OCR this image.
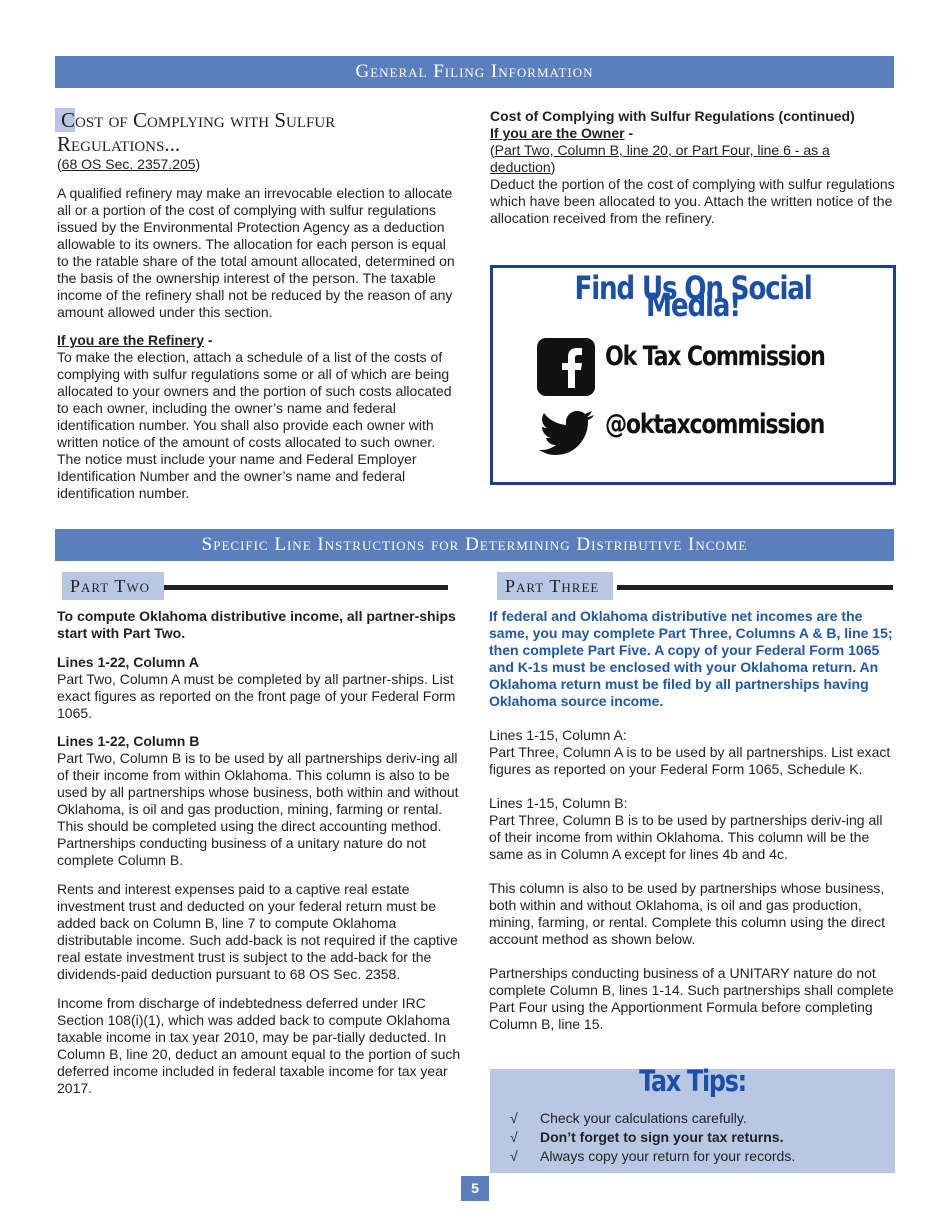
General Filing Information
Cost of Complying with Sulfur
Regulations...

(68 OS Sec. 2357.205)

A qualified refinery may make an irrevocable election to allocate all or a portion of the cost of complying with sulfur regulations issued by the Environmental Protection Agency as a deduction allowable to its owners. The allocation for each person is equal to the ratable share of the total amount allocated, determined on the basis of the ownership interest of the person. The taxable income of the refinery shall not be reduced by the reason of any amount allowed under this section.

If you are the Refinery -

To make the election, attach a schedule of a list of the costs of complying with sulfur regulations some or all of which are being allocated to your owners and the portion of such costs allocated to each owner, including the owner’s name and federal identification number. You shall also provide each owner with written notice of the amount of costs allocated to such owner. The notice must include your name and Federal Employer Identification Number and the owner’s name and federal identification number.

Cost of Complying with Sulfur Regulations (continued)

If you are the Owner -

(Part Two, Column B, line 20, or Part Four, line 6 - as a deduction)

Deduct the portion of the cost of complying with sulfur regulations which have been allocated to you. Attach the written notice of the allocation received from the refinery.

Find Us On Social Media!
Ok Tax Commission
@oktaxcommission
Specific Line Instructions for Determining Distributive Income
Part Two	Part Three

To compute Oklahoma distributive income, all partner-ships start with Part Two.

Lines 1-22, Column A

Part Two, Column A must be completed by all partner-ships. List exact figures as reported on the front page of your Federal Form 1065.

Lines 1-22, Column B

Part Two, Column B is to be used by all partnerships deriv-ing all of their income from within Oklahoma. This column is also to be used by all partnerships whose business, both within and without Oklahoma, is oil and gas production, mining, farming or rental. This should be completed using the direct accounting method. Partnerships conducting business of a unitary nature do not complete Column B.

Rents and interest expenses paid to a captive real estate investment trust and deducted on your federal return must be added back on Column B, line 7 to compute Oklahoma distributable income. Such add-back is not required if the captive real estate investment trust is subject to the add-back for the dividends-paid deduction pursuant to 68 OS Sec. 2358.

Income from discharge of indebtedness deferred under IRC Section 108(i)(1), which was added back to compute Oklahoma taxable income in tax year 2010, may be par-tially deducted. In Column B, line 20, deduct an amount equal to the portion of such deferred income included in federal taxable income for tax year 2017.

If federal and Oklahoma distributive net incomes are the same, you may complete Part Three, Columns A & B, line 15; then complete Part Five. A copy of your Federal Form 1065 and K-1s must be enclosed with your Oklahoma return. An Oklahoma return must be filed by all partnerships having Oklahoma source income.

Lines 1-15, Column A:

Part Three, Column A is to be used by all partnerships. List exact figures as reported on your Federal Form 1065, Schedule K.

Lines 1-15, Column B:

Part Three, Column B is to be used by partnerships deriv-ing all of their income from within Oklahoma. This column will be the same as in Column A except for lines 4b and 4c.

This column is also to be used by partnerships whose business, both within and without Oklahoma, is oil and gas production, mining, farming, or rental. Complete this column using the direct account method as shown below.

Partnerships conducting business of a UNITARY nature do not complete Column B, lines 1-14. Such partnerships shall complete Part Four using the Apportionment Formula before completing Column B, line 15.

Tax Tips:
√ Check your calculations carefully.
√ Don’t forget to sign your tax returns.
√ Always copy your return for your records.
5
